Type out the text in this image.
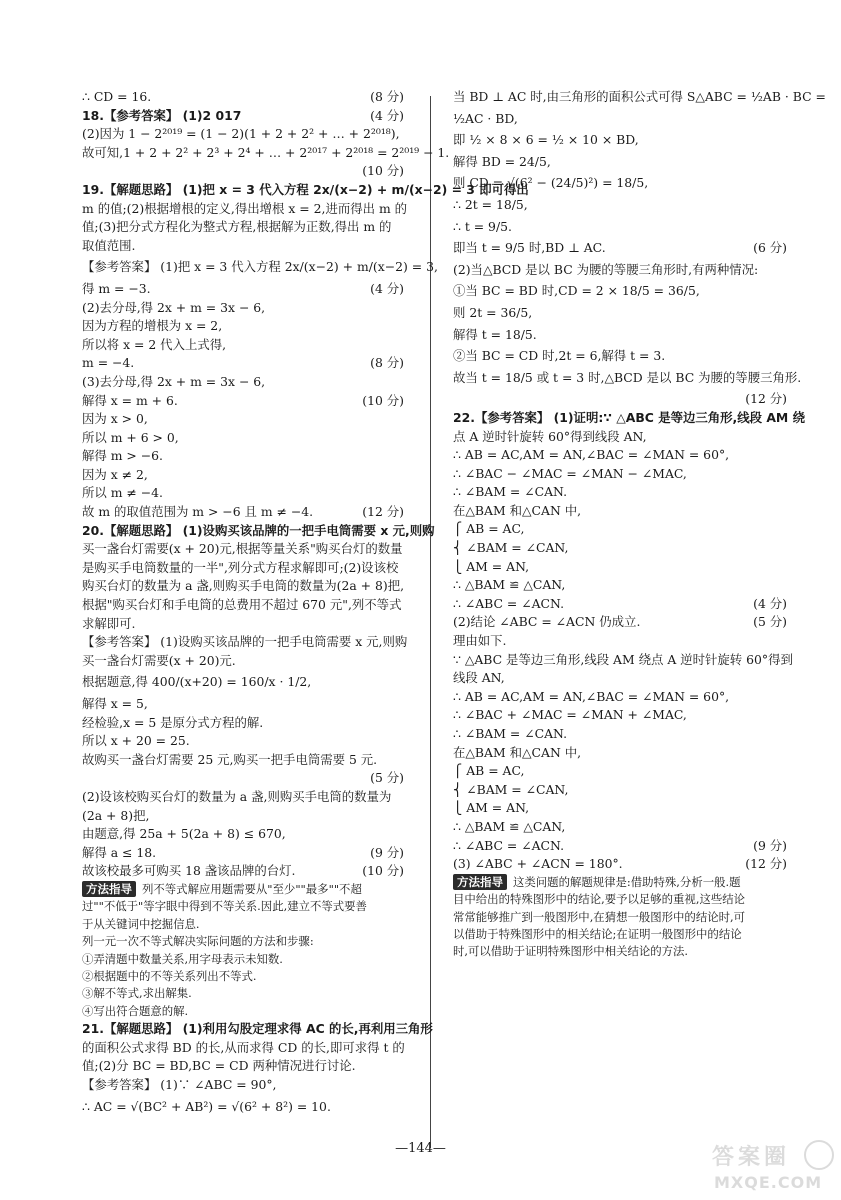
∴ CD = 16.	(8 分)
18.【参考答案】 (1)2 017	(4 分)
(2)因为 1 − 2²⁰¹⁹ = (1 − 2)(1 + 2 + 2² + … + 2²⁰¹⁸),
故可知,1 + 2 + 2² + 2³ + 2⁴ + … + 2²⁰¹⁷ + 2²⁰¹⁸ = 2²⁰¹⁹ − 1.
(10 分)
19.【解题思路】 (1)把 x = 3 代入方程 2x/(x−2) + m/(x−2) = 3 即可得出
m 的值;(2)根据增根的定义,得出增根 x = 2,进而得出 m 的
值;(3)把分式方程化为整式方程,根据解为正数,得出 m 的
取值范围.
【参考答案】 (1)把 x = 3 代入方程 2x/(x−2) + m/(x−2) = 3,
得 m = −3.	(4 分)
(2)去分母,得 2x + m = 3x − 6,
因为方程的增根为 x = 2,
所以将 x = 2 代入上式得,
m = −4.	(8 分)
(3)去分母,得 2x + m = 3x − 6,
解得 x = m + 6.	(10 分)
因为 x > 0,
所以 m + 6 > 0,
解得 m > −6.
因为 x ≠ 2,
所以 m ≠ −4.
故 m 的取值范围为 m > −6 且 m ≠ −4.	(12 分)
20.【解题思路】 (1)设购买该品牌的一把手电筒需要 x 元,则购
买一盏台灯需要(x + 20)元,根据等量关系"购买台灯的数量
是购买手电筒数量的一半",列分式方程求解即可;(2)设该校
购买台灯的数量为 a 盏,则购买手电筒的数量为(2a + 8)把,
根据"购买台灯和手电筒的总费用不超过 670 元",列不等式
求解即可.
【参考答案】 (1)设购买该品牌的一把手电筒需要 x 元,则购
买一盏台灯需要(x + 20)元.
根据题意,得 400/(x+20) = 160/x · 1/2,
解得 x = 5,
经检验,x = 5 是原分式方程的解.
所以 x + 20 = 25.
故购买一盏台灯需要 25 元,购买一把手电筒需要 5 元.
(5 分)
(2)设该校购买台灯的数量为 a 盏,则购买手电筒的数量为
(2a + 8)把,
由题意,得 25a + 5(2a + 8) ≤ 670,
解得 a ≤ 18.	(9 分)
故该校最多可购买 18 盏该品牌的台灯.	(10 分)
方法指导 列不等式解应用题需要从"至少""最多""不超
过""不低于"等字眼中得到不等关系.因此,建立不等式要善
于从关键词中挖掘信息.
列一元一次不等式解决实际问题的方法和步骤:
①弄清题中数量关系,用字母表示未知数.
②根据题中的不等关系列出不等式.
③解不等式,求出解集.
④写出符合题意的解.
21.【解题思路】 (1)利用勾股定理求得 AC 的长,再利用三角形
的面积公式求得 BD 的长,从而求得 CD 的长,即可求得 t 的
值;(2)分 BC = BD,BC = CD 两种情况进行讨论.
【参考答案】 (1)∵ ∠ABC = 90°,
∴ AC = √(BC² + AB²) = √(6² + 8²) = 10.
当 BD ⊥ AC 时,由三角形的面积公式可得 S△ABC = ½AB · BC =
½AC · BD,
即 ½ × 8 × 6 = ½ × 10 × BD,
解得 BD = 24/5,
则 CD = √(6² − (24/5)²) = 18/5,
∴ 2t = 18/5,
∴ t = 9/5.
即当 t = 9/5 时,BD ⊥ AC.	(6 分)
(2)当△BCD 是以 BC 为腰的等腰三角形时,有两种情况:
①当 BC = BD 时,CD = 2 × 18/5 = 36/5,
则 2t = 36/5,
解得 t = 18/5.
②当 BC = CD 时,2t = 6,解得 t = 3.
故当 t = 18/5 或 t = 3 时,△BCD 是以 BC 为腰的等腰三角形.
(12 分)
22.【参考答案】 (1)证明:∵ △ABC 是等边三角形,线段 AM 绕
点 A 逆时针旋转 60°得到线段 AN,
∴ AB = AC,AM = AN,∠BAC = ∠MAN = 60°,
∴ ∠BAC − ∠MAC = ∠MAN − ∠MAC,
∴ ∠BAM = ∠CAN.
在△BAM 和△CAN 中,
⎧ AB = AC,
⎨ ∠BAM = ∠CAN,
⎩ AM = AN,
∴ △BAM ≌ △CAN,
∴ ∠ABC = ∠ACN.	(4 分)
(2)结论 ∠ABC = ∠ACN 仍成立.	(5 分)
理由如下.
∵ △ABC 是等边三角形,线段 AM 绕点 A 逆时针旋转 60°得到
线段 AN,
∴ AB = AC,AM = AN,∠BAC = ∠MAN = 60°,
∴ ∠BAC + ∠MAC = ∠MAN + ∠MAC,
∴ ∠BAM = ∠CAN.
在△BAM 和△CAN 中,
⎧ AB = AC,
⎨ ∠BAM = ∠CAN,
⎩ AM = AN,
∴ △BAM ≌ △CAN,
∴ ∠ABC = ∠ACN.	(9 分)
(3) ∠ABC + ∠ACN = 180°.	(12 分)
方法指导 这类问题的解题规律是:借助特殊,分析一般.题
目中给出的特殊图形中的结论,要予以足够的重视,这些结论
常常能够推广到一般图形中,在猜想一般图形中的结论时,可
以借助于特殊图形中的相关结论;在证明一般图形中的结论
时,可以借助于证明特殊图形中相关结论的方法.
—144—	答案圈
MXQE.COM
